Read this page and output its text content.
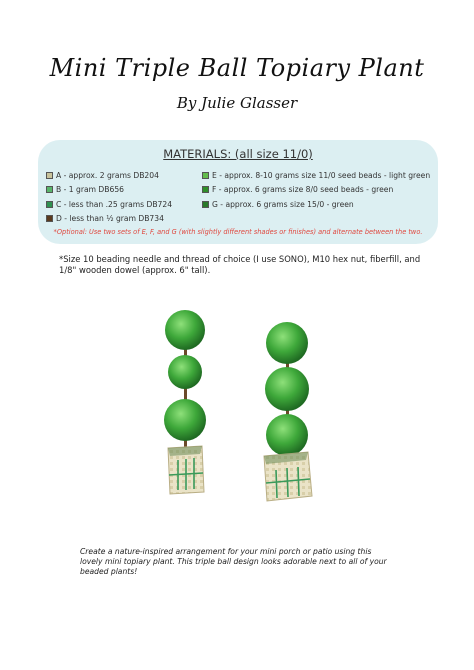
Mini Triple Ball Topiary Plant
By Julie Glasser
MATERIALS: (all size 11/0)
A - approx. 2 grams DB204
B - 1 gram DB656
C - less than .25 grams DB724
D - less than ½ gram DB734
E - approx. 8-10 grams size 11/0 seed beads - light green
F - approx. 6 grams size 8/0 seed beads - green
G - approx. 6 grams size 15/0 - green
*Optional: Use two sets of E, F, and G (with slightly different shades or finishes) and alternate between the two.
*Size 10 beading needle and thread of choice (I use SONO), M10 hex nut, fiberfill, and 1/8" wooden dowel (approx. 6" tall).
Create a nature-inspired arrangement for your mini porch or patio using this lovely mini topiary plant. This triple ball design looks adorable next to all of your beaded plants!
